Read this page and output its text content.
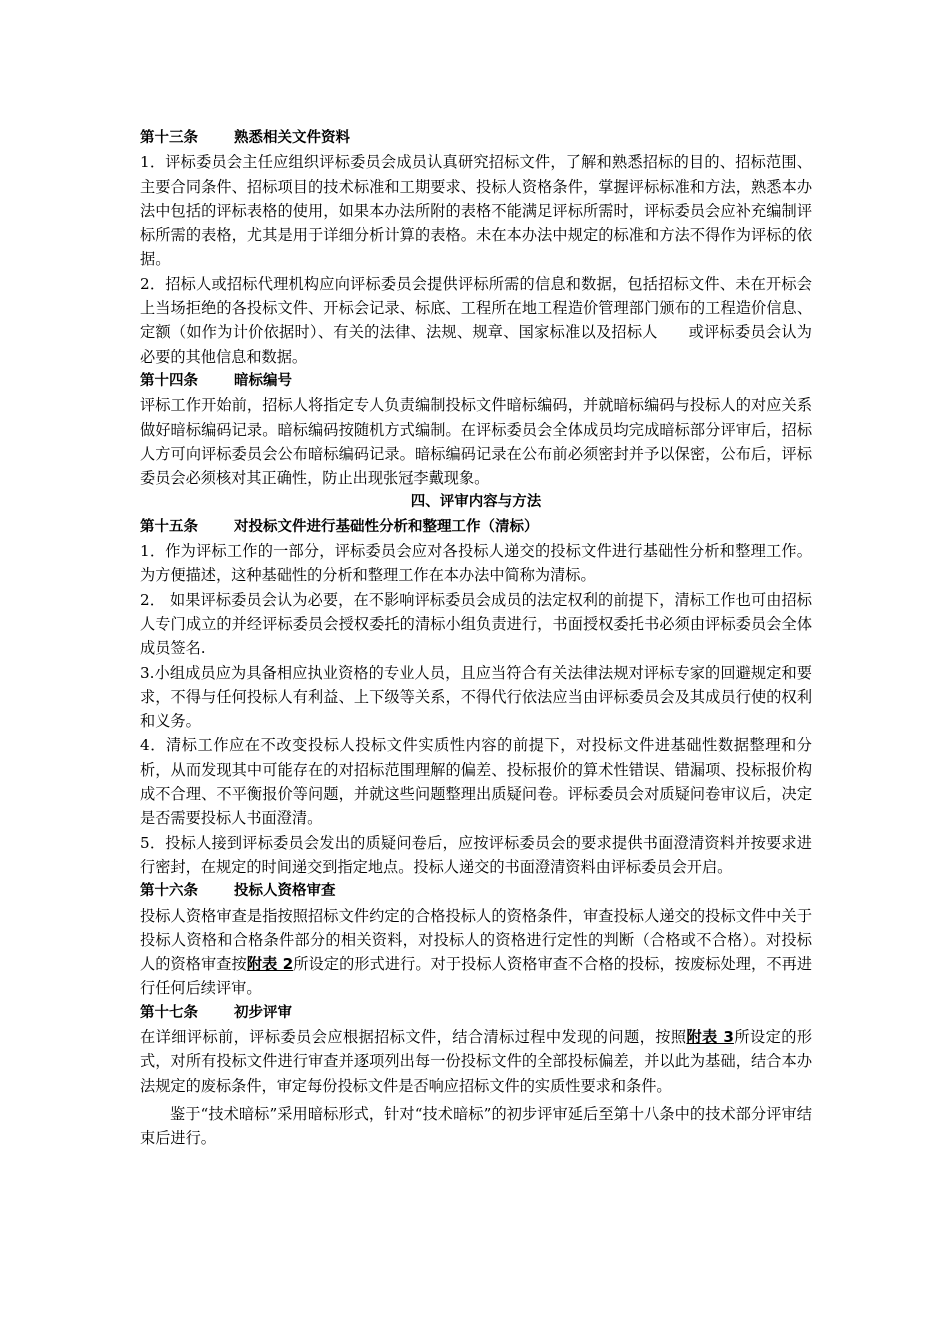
第十三条 熟悉相关文件资料

1．评标委员会主任应组织评标委员会成员认真研究招标文件，了解和熟悉招标的目的、招标范围、主要合同条件、招标项目的技术标准和工期要求、投标人资格条件，掌握评标标准和方法，熟悉本办法中包括的评标表格的使用，如果本办法所附的表格不能满足评标所需时，评标委员会应补充编制评标所需的表格，尤其是用于详细分析计算的表格。未在本办法中规定的标准和方法不得作为评标的依据。

2．招标人或招标代理机构应向评标委员会提供评标所需的信息和数据，包括招标文件、未在开标会上当场拒绝的各投标文件、开标会记录、标底、工程所在地工程造价管理部门颁布的工程造价信息、定额（如作为计价依据时）、有关的法律、法规、规章、国家标准以及招标人　　或评标委员会认为必要的其他信息和数据。

第十四条 暗标编号

评标工作开始前，招标人将指定专人负责编制投标文件暗标编码，并就暗标编码与投标人的对应关系做好暗标编码记录。暗标编码按随机方式编制。在评标委员会全体成员均完成暗标部分评审后，招标人方可向评标委员会公布暗标编码记录。暗标编码记录在公布前必须密封并予以保密，公布后，评标委员会必须核对其正确性，防止出现张冠李戴现象。

四、评审内容与方法

第十五条 对投标文件进行基础性分析和整理工作（清标）

1．作为评标工作的一部分，评标委员会应对各投标人递交的投标文件进行基础性分析和整理工作。为方便描述，这种基础性的分析和整理工作在本办法中简称为清标。

2． 如果评标委员会认为必要，在不影响评标委员会成员的法定权利的前提下，清标工作也可由招标人专门成立的并经评标委员会授权委托的清标小组负责进行，书面授权委托书必须由评标委员会全体成员签名.

3.小组成员应为具备相应执业资格的专业人员，且应当符合有关法律法规对评标专家的回避规定和要求，不得与任何投标人有利益、上下级等关系，不得代行依法应当由评标委员会及其成员行使的权利和义务。

4．清标工作应在不改变投标人投标文件实质性内容的前提下，对投标文件进基础性数据整理和分析，从而发现其中可能存在的对招标范围理解的偏差、投标报价的算术性错误、错漏项、投标报价构成不合理、不平衡报价等问题，并就这些问题整理出质疑问卷。评标委员会对质疑问卷审议后，决定是否需要投标人书面澄清。

5．投标人接到评标委员会发出的质疑问卷后，应按评标委员会的要求提供书面澄清资料并按要求进行密封，在规定的时间递交到指定地点。投标人递交的书面澄清资料由评标委员会开启。

第十六条 投标人资格审查

投标人资格审查是指按照招标文件约定的合格投标人的资格条件，审查投标人递交的投标文件中关于投标人资格和合格条件部分的相关资料，对投标人的资格进行定性的判断（合格或不合格）。对投标人的资格审查按附表 2所设定的形式进行。对于投标人资格审查不合格的投标，按废标处理，不再进行任何后续评审。

第十七条 初步评审

在详细评标前，评标委员会应根据招标文件，结合清标过程中发现的问题，按照附表 3所设定的形式，对所有投标文件进行审查并逐项列出每一份投标文件的全部投标偏差，并以此为基础，结合本办法规定的废标条件，审定每份投标文件是否响应招标文件的实质性要求和条件。

鉴于“技术暗标”采用暗标形式，针对“技术暗标”的初步评审延后至第十八条中的技术部分评审结束后进行。
